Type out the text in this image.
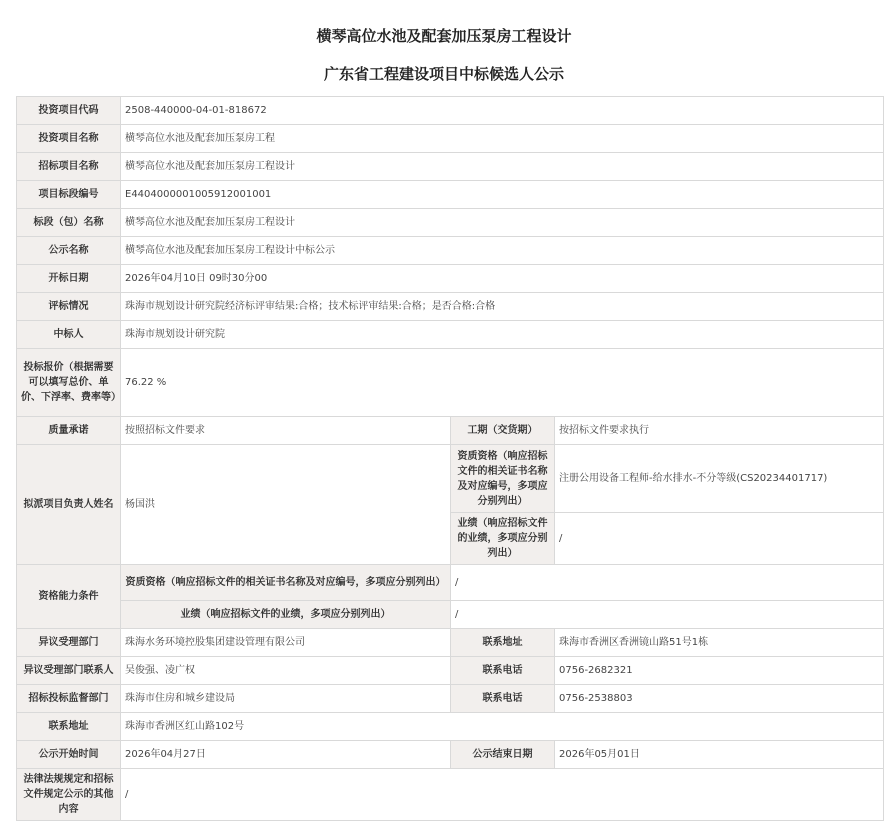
横琴高位水池及配套加压泵房工程设计
广东省工程建设项目中标候选人公示
投资项目代码	2508-440000-04-01-818672		
投资项目名称	横琴高位水池及配套加压泵房工程		
招标项目名称	横琴高位水池及配套加压泵房工程设计		
项目标段编号	E4404000001005912001001		
标段（包）名称	横琴高位水池及配套加压泵房工程设计		
公示名称	横琴高位水池及配套加压泵房工程设计中标公示		
开标日期	2026年04月10日 09时30分00		
评标情况	珠海市规划设计研究院经济标评审结果:合格；技术标评审结果:合格；是否合格:合格		
中标人	珠海市规划设计研究院		
投标报价（根据需要可以填写总价、单价、下浮率、费率等）	76.22 %		
质量承诺	按照招标文件要求	工期（交货期）	按招标文件要求执行
拟派项目负责人姓名	杨国洪	资质资格（响应招标文件的相关证书名称及对应编号，多项应分别列出）	注册公用设备工程师-给水排水-不分等级(CS20234401717)
		业绩（响应招标文件的业绩，多项应分别列出）	/
资格能力条件	资质资格（响应招标文件的相关证书名称及对应编号，多项应分别列出）	/	
	业绩（响应招标文件的业绩，多项应分别列出）	/	
异议受理部门	珠海水务环境控股集团建设管理有限公司	联系地址	珠海市香洲区香洲镜山路51号1栋
异议受理部门联系人	吴俊强、凌广权	联系电话	0756-2682321
招标投标监督部门	珠海市住房和城乡建设局	联系电话	0756-2538803
联系地址	珠海市香洲区红山路102号		
公示开始时间	2026年04月27日	公示结束日期	2026年05月01日
法律法规规定和招标文件规定公示的其他内容	/		
